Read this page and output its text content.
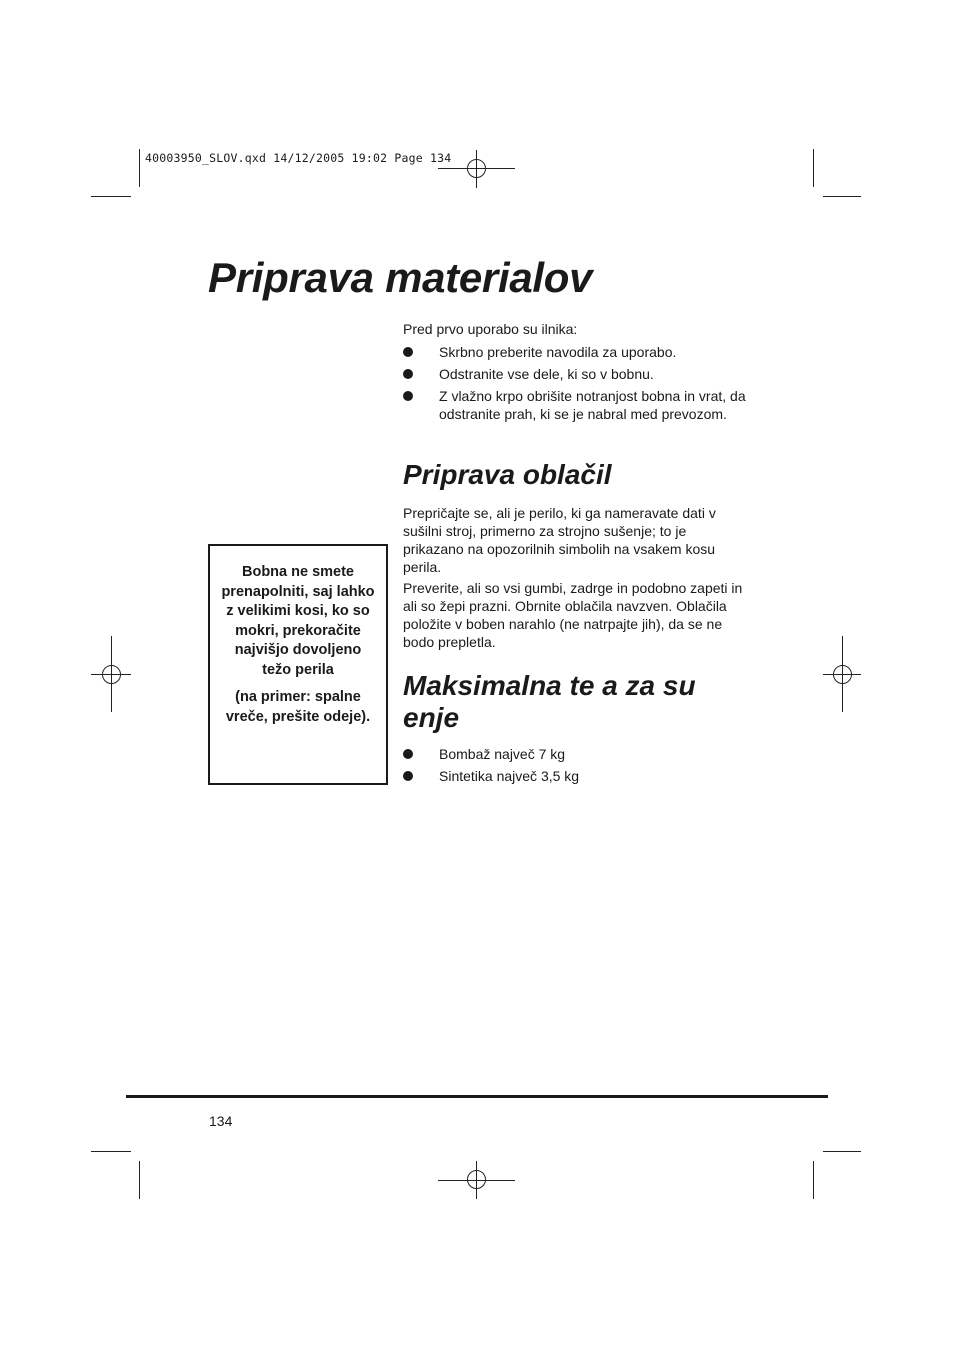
40003950_SLOV.qxd 14/12/2005 19:02 Page 134
Priprava materialov

Pred prvo uporabo su ilnika:

Skrbno preberite navodila za uporabo.
Odstranite vse dele, ki so v bobnu.
Z vlažno krpo obrišite notranjost bobna in vrat, da odstranite prah, ki se je nabral med prevozom.
Priprava oblačil

Prepričajte se, ali je perilo, ki ga nameravate dati v sušilni stroj, primerno za strojno sušenje; to je prikazano na opozorilnih simbolih na vsakem kosu perila.

Preverite, ali so vsi gumbi, zadrge in podobno zapeti in ali so žepi prazni. Obrnite oblačila navzven. Oblačila položite v boben narahlo (ne natrpajte jih), da se ne bodo prepletla.

Maksimalna te a za su enje
Bombaž največ 7 kg
Sintetika največ 3,5 kg

Bobna ne smete prenapolniti, saj lahko z velikimi kosi, ko so mokri, prekoračite najvišjo dovoljeno težo perila

(na primer: spalne vreče, prešite odeje).

134
